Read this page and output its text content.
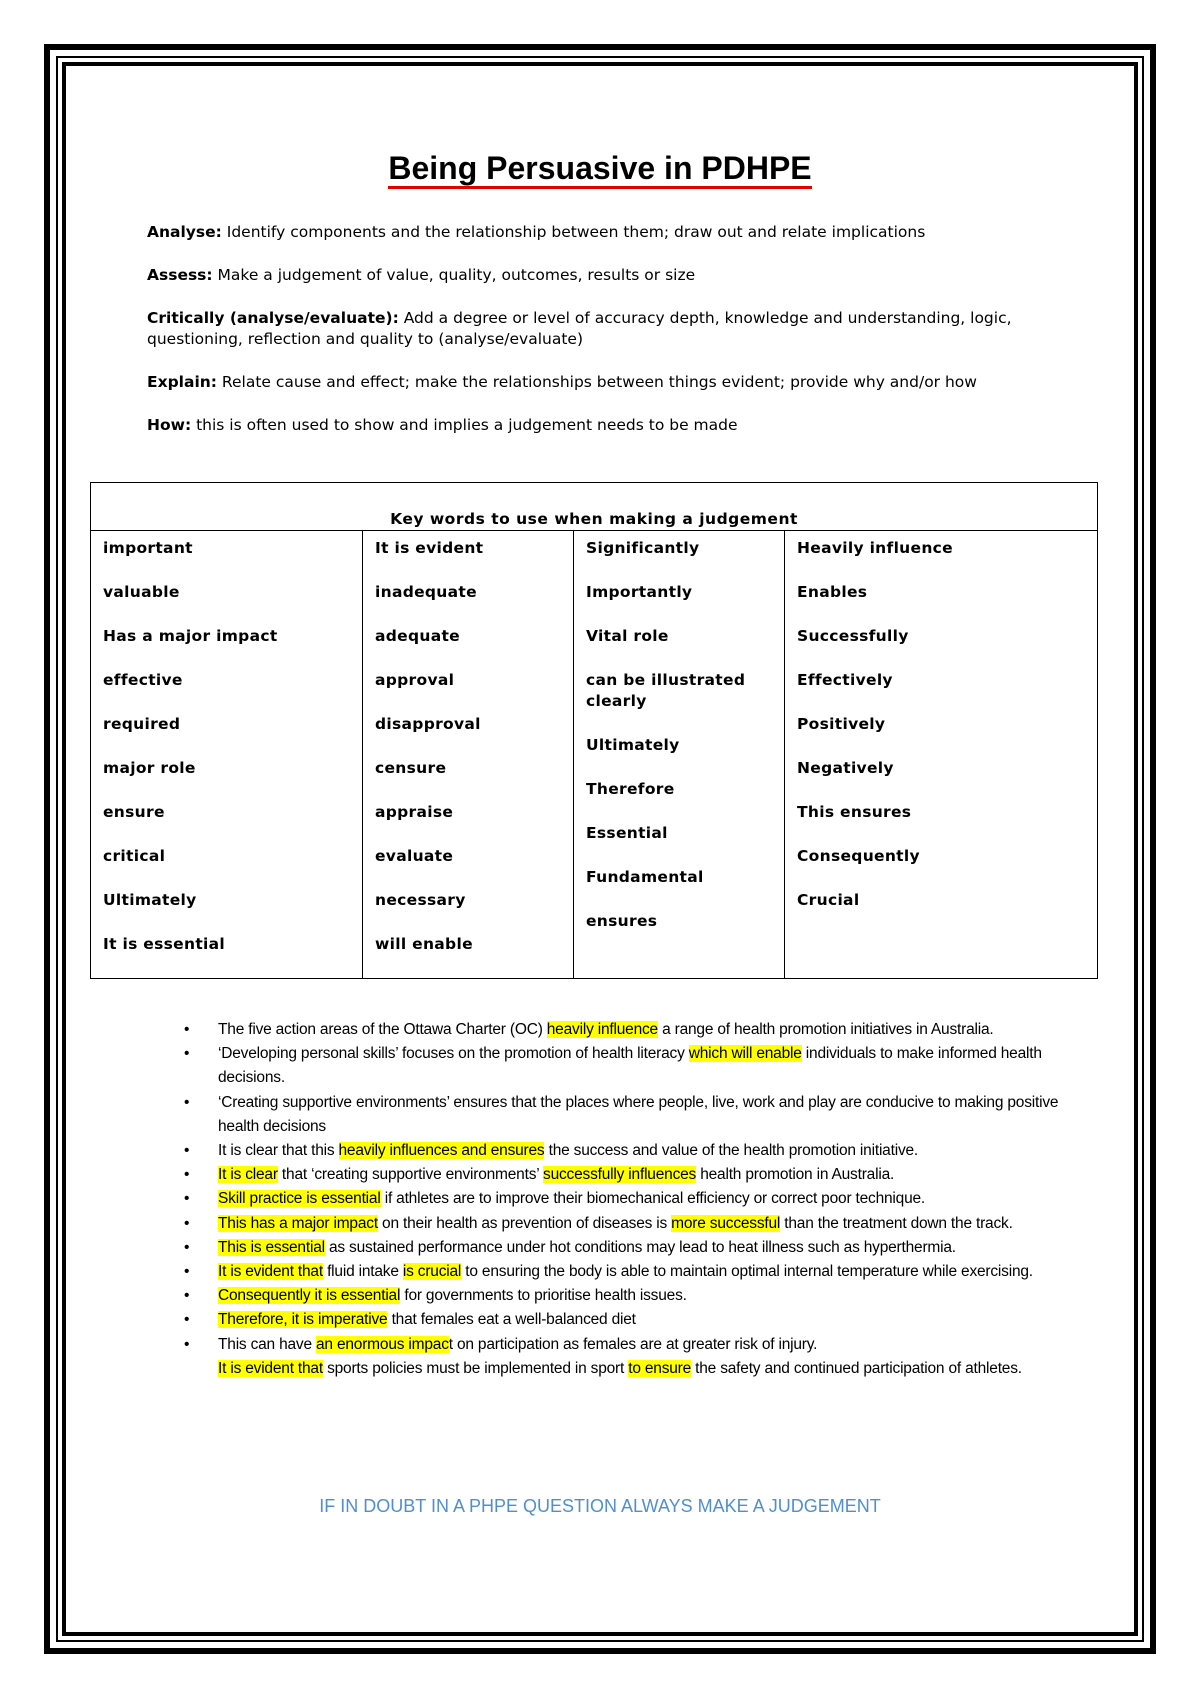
Being Persuasive in PDHPE

Analyse: Identify components and the relationship between them; draw out and relate implications

Assess: Make a judgement of value, quality, outcomes, results or size

Critically (analyse/evaluate): Add a degree or level of accuracy depth, knowledge and understanding, logic, questioning, reflection and quality to (analyse/evaluate)

Explain: Relate cause and effect; make the relationships between things evident; provide why and/or how

How: this is often used to show and implies a judgement needs to be made

Key words to use when making a judgement

important
valuable
Has a major impact
effective
required
major role
ensure
critical
Ultimately
It is essential

It is evident
inadequate
adequate
approval
disapproval
censure
appraise
evaluate
necessary
will enable

Significantly
Importantly
Vital role
can be illustrated clearly
Ultimately
Therefore
Essential
Fundamental
ensures

Heavily influence
Enables
Successfully
Effectively
Positively
Negatively
This ensures
Consequently
Crucial
• The five action areas of the Ottawa Charter (OC) heavily influence a range of health promotion initiatives in Australia.
• ‘Developing personal skills’ focuses on the promotion of health literacy which will enable individuals to make informed health decisions.
• ‘Creating supportive environments’ ensures that the places where people, live, work and play are conducive to making positive health decisions
• It is clear that this heavily influences and ensures the success and value of the health promotion initiative.
• It is clear that ‘creating supportive environments’ successfully influences health promotion in Australia.
• Skill practice is essential if athletes are to improve their biomechanical efficiency or correct poor technique.
• This has a major impact on their health as prevention of diseases is more successful than the treatment down the track.
• This is essential as sustained performance under hot conditions may lead to heat illness such as hyperthermia.
• It is evident that fluid intake is crucial to ensuring the body is able to maintain optimal internal temperature while exercising.
• Consequently it is essential for governments to prioritise health issues.
• Therefore, it is imperative that females eat a well-balanced diet
• This can have an enormous impact on participation as females are at greater risk of injury.
It is evident that sports policies must be implemented in sport to ensure the safety and continued participation of athletes.
IF IN DOUBT IN A PHPE QUESTION ALWAYS MAKE A JUDGEMENT
